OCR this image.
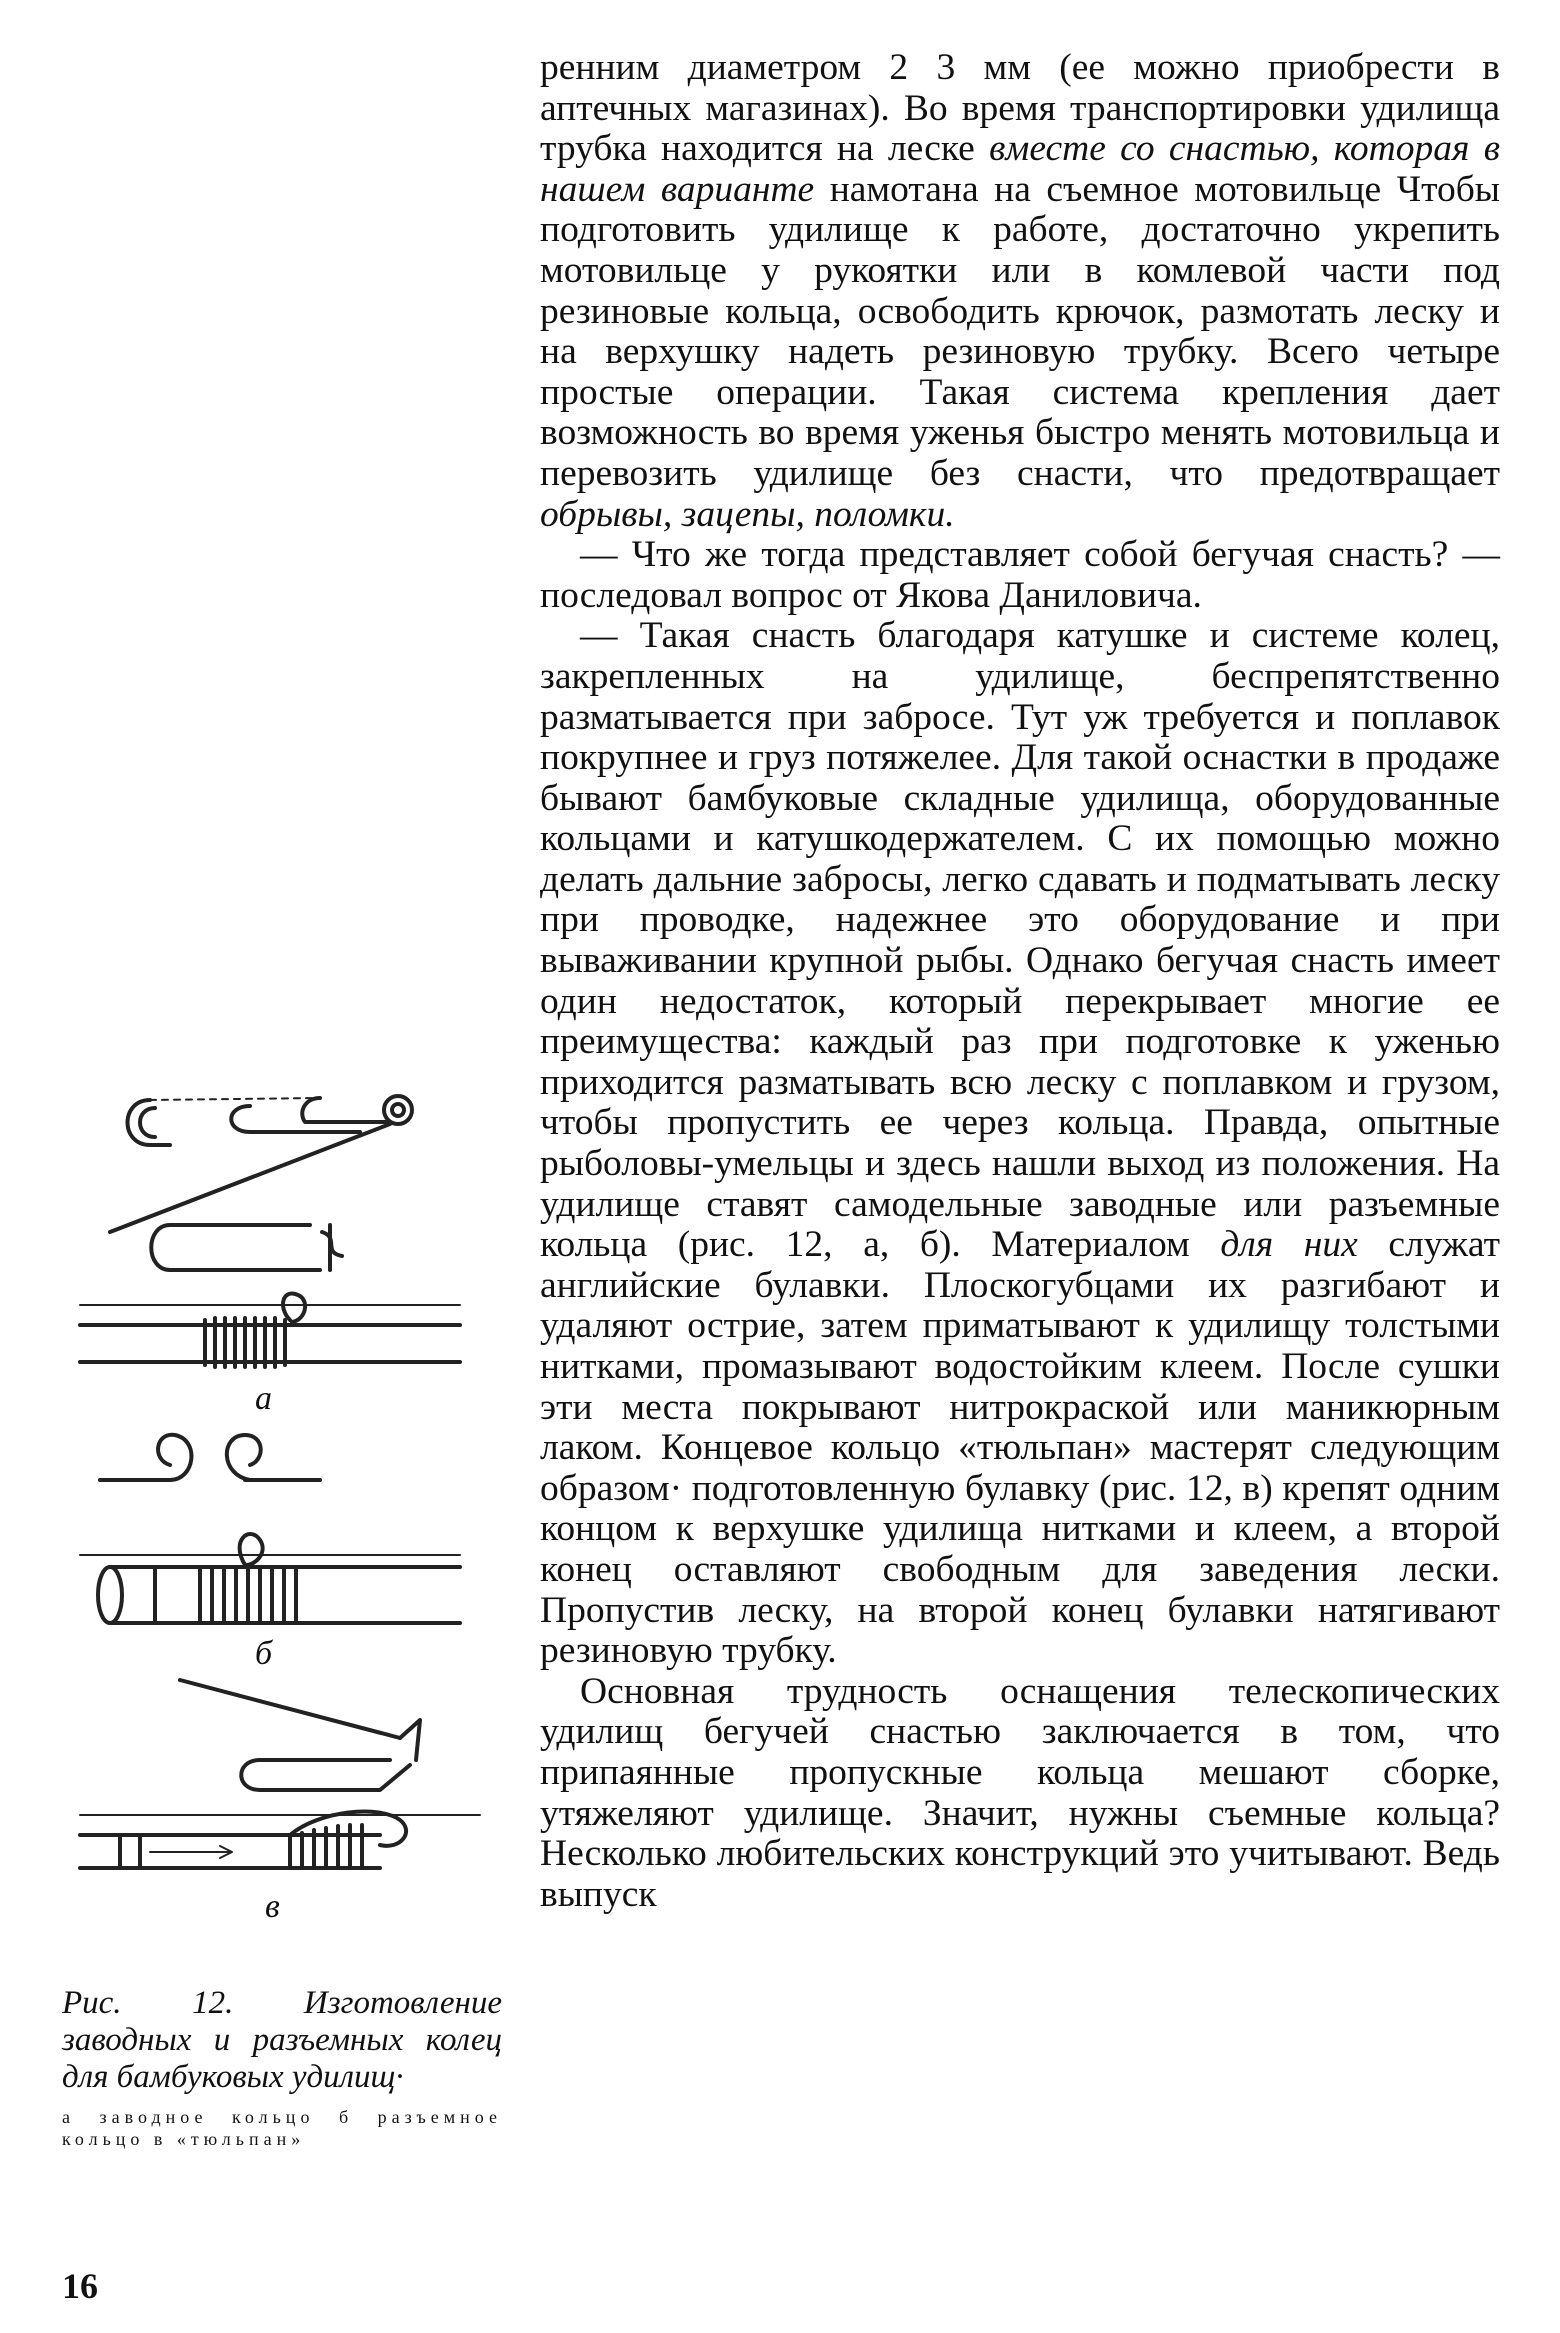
ренним диаметром 2 3 мм (ее можно приобрести в аптечных магазинах). Во время транспортировки удилища трубка находится на леске вместе со снастью, которая в нашем варианте намотана на съемное мотовильце Чтобы подготовить удилище к работе, достаточно укрепить мотовильце у рукоятки или в комлевой части под резиновые кольца, освободить крючок, размотать леску и на верхушку надеть резиновую трубку. Всего четыре простые операции. Такая система крепления дает возможность во время уженья быстро менять мотовильца и перевозить удилище без снасти, что предотвращает обрывы, зацепы, поломки.

— Что же тогда представляет собой бегучая снасть? — последовал вопрос от Якова Даниловича.

— Такая снасть благодаря катушке и системе колец, закрепленных на удилище, беспрепятственно разматывается при забросе. Тут уж требуется и поплавок покрупнее и груз потяжелее. Для такой оснастки в продаже бывают бамбуковые складные удилища, оборудованные кольцами и катушкодержателем. С их помощью можно делать дальние забросы, легко сдавать и подматывать леску при проводке, надежнее это оборудование и при вываживании крупной рыбы. Однако бегучая снасть имеет один недостаток, который перекрывает многие ее преимущества: каждый раз при подготовке к уженью приходится разматывать всю леску с поплавком и грузом, чтобы пропустить ее через кольца. Правда, опытные рыболовы-умельцы и здесь нашли выход из положения. На удилище ставят самодельные заводные или разъемные кольца (рис. 12, а, б). Материалом для них служат английские булавки. Плоскогубцами их разгибают и удаляют острие, затем приматывают к удилищу толстыми нитками, промазывают водостойким клеем. После сушки эти места покрывают нитрокраской или маникюрным лаком. Концевое кольцо «тюльпан» мастерят следующим образом· подготовленную булавку (рис. 12, в) крепят одним концом к верхушке удилища нитками и клеем, а второй конец оставляют свободным для заведения лески. Пропустив леску, на второй конец булавки натягивают резиновую трубку.

Основная трудность оснащения телескопических удилищ бегучей снастью заключается в том, что припаянные пропускные кольца мешают сборке, утяжеляют удилище. Значит, нужны съемные кольца? Несколько любительских конструкций это учитывают. Ведь выпуск

а
б
в
Рис. 12. Изготовление заводных и разъемных колец для бамбуковых удилищ·
а заводное кольцо б разъемное кольцо в «тюльпан»
16
